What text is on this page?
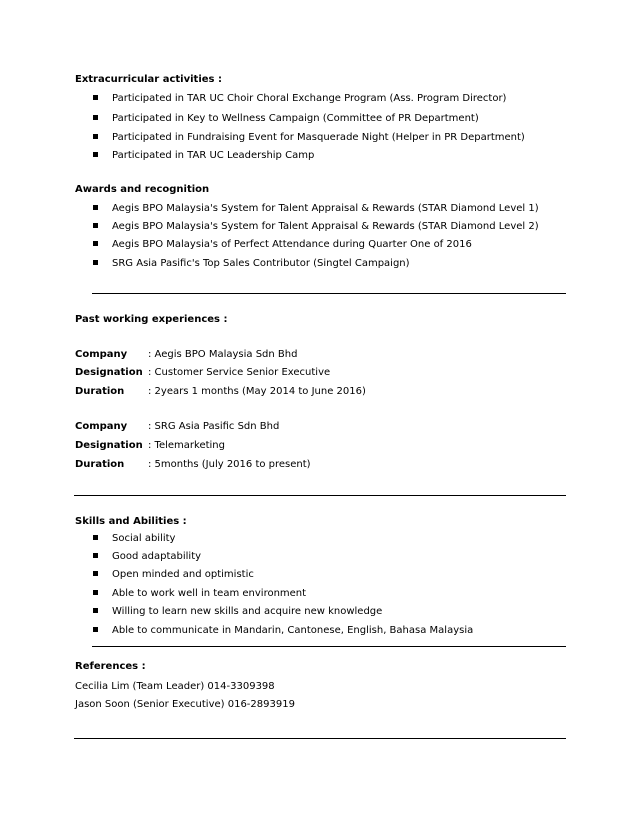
Extracurricular activities :
Participated in TAR UC Choir Choral Exchange Program (Ass. Program Director)
Participated in Key to Wellness Campaign (Committee of PR Department)
Participated in Fundraising Event for Masquerade Night (Helper in PR Department)
Participated in TAR UC Leadership Camp
Awards and recognition
Aegis BPO Malaysia's System for Talent Appraisal & Rewards (STAR Diamond Level 1)
Aegis BPO Malaysia's System for Talent Appraisal & Rewards (STAR Diamond Level 2)
Aegis BPO Malaysia's of Perfect Attendance during Quarter One of 2016
SRG Asia Pasific's Top Sales Contributor (Singtel Campaign)
Past working experiences :
Company : Aegis BPO Malaysia Sdn Bhd
Designation : Customer Service Senior Executive
Duration : 2years 1 months (May 2014 to June 2016)
Company : SRG Asia Pasific Sdn Bhd
Designation : Telemarketing
Duration : 5months (July 2016 to present)
Skills and Abilities :
Social ability
Good adaptability
Open minded and optimistic
Able to work well in team environment
Willing to learn new skills and acquire new knowledge
Able to communicate in Mandarin, Cantonese, English, Bahasa Malaysia
References :
Cecilia Lim (Team Leader) 014-3309398
Jason Soon (Senior Executive) 016-2893919
